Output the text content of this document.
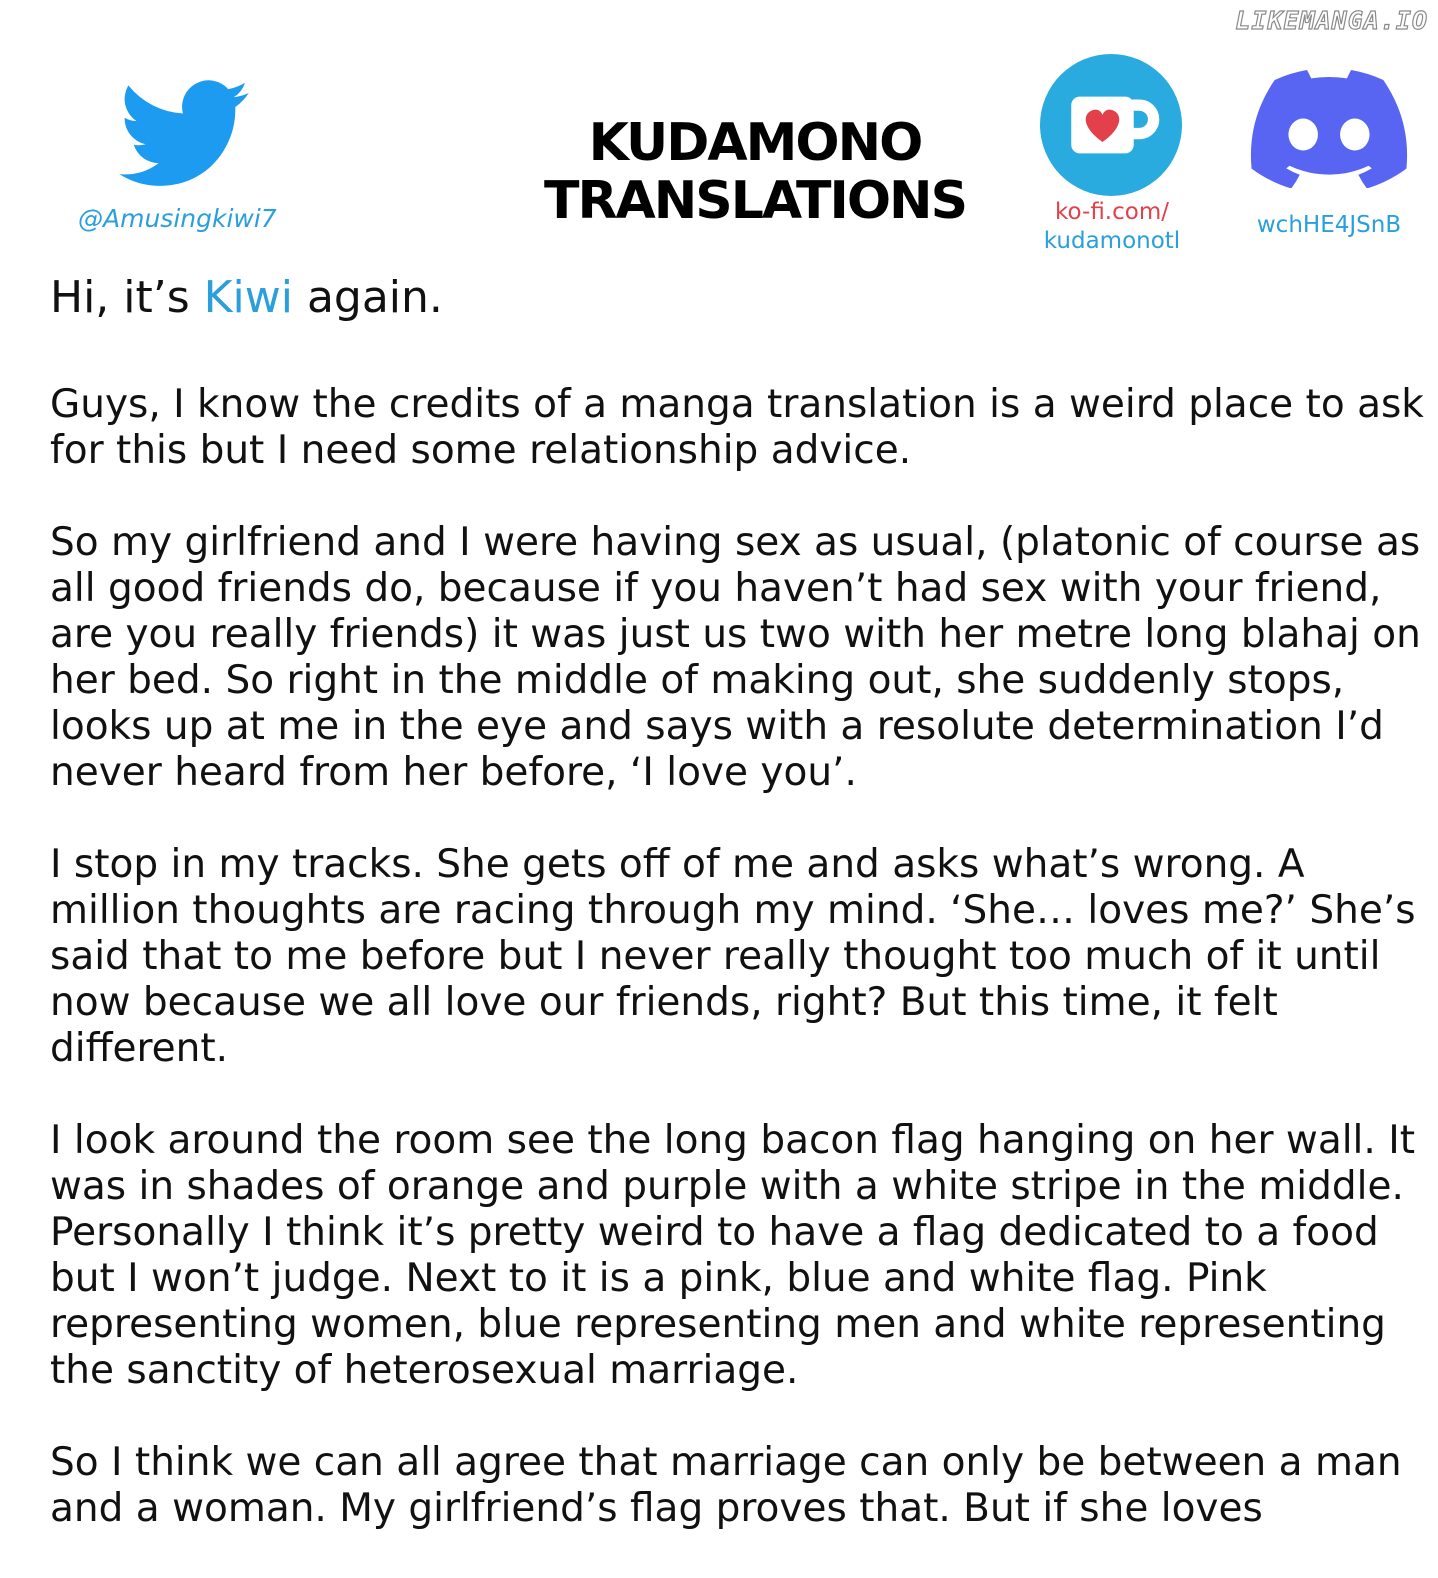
LIKEMANGA.IO
@Amusingkiwi7
KUDAMONO
TRANSLATIONS	ko-fi.com/
kudamonotl
wchHE4JSnB

Hi, it’s Kiwi again.

Guys, I know the credits of a manga translation is a weird place to ask for this but I need some relationship advice.

So my girlfriend and I were having sex as usual, (platonic of course as all good friends do, because if you haven’t had sex with your friend, are you really friends) it was just us two with her metre long blahaj on her bed. So right in the middle of making out, she suddenly stops, looks up at me in the eye and says with a resolute determination I’d never heard from her before, ‘I love you’.

I stop in my tracks. She gets off of me and asks what’s wrong. A million thoughts are racing through my mind. ‘She… loves me?’ She’s said that to me before but I never really thought too much of it until now because we all love our friends, right? But this time, it felt different.

I look around the room see the long bacon flag hanging on her wall. It was in shades of orange and purple with a white stripe in the middle. Personally I think it’s pretty weird to have a flag dedicated to a food but I won’t judge. Next to it is a pink, blue and white flag. Pink representing women, blue representing men and white representing the sanctity of heterosexual marriage.

So I think we can all agree that marriage can only be between a man and a woman. My girlfriend’s flag proves that. But if she loves
